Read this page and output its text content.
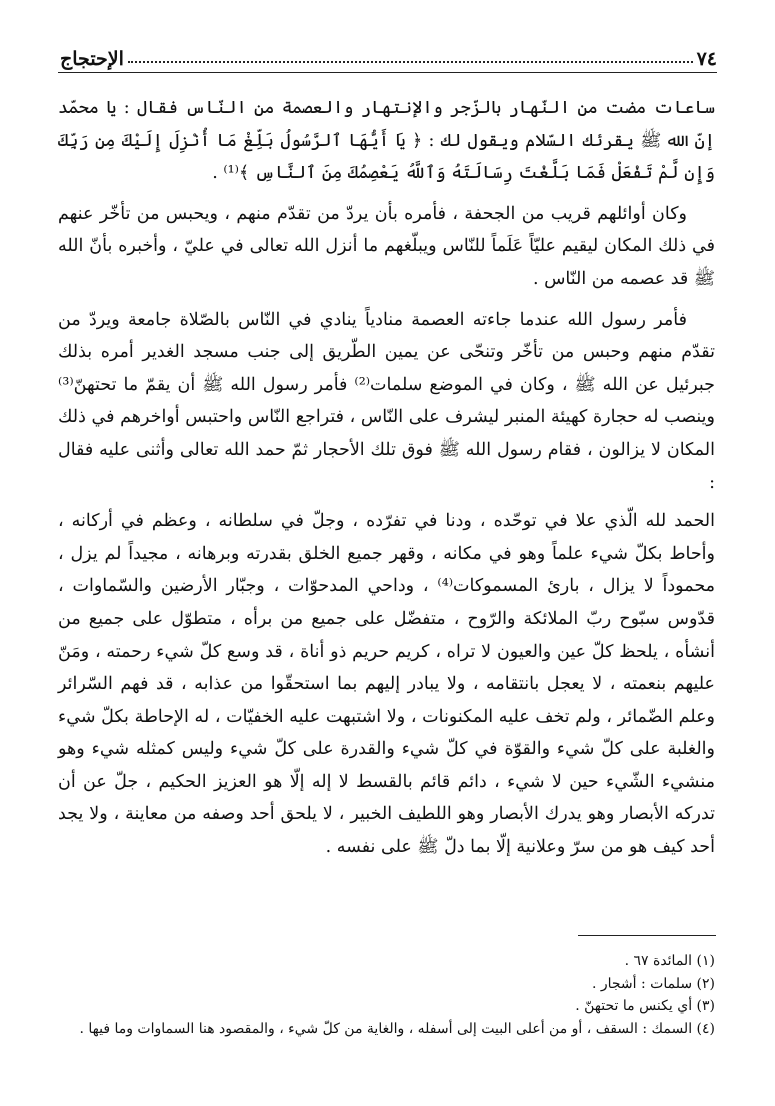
٧٤
الإحتجاج

ساعات مضت من النّهار بالزّجر والإنتهار والعصمة من النّاس فقال : يا محمّد إنّ الله ﷺ يقرئك السّلام ويقول لك : ﴿ يَا أَيُّهَا ٱلرَّسُولُ بَلِّغْ مَا أُنْزِلَ إِلَيْكَ مِن رَبِّكَ وَإِن لَّمْ تَفْعَلْ فَمَا بَلَّغْتَ رِسَالَتَهُ وَٱللَّهُ يَعْصِمُكَ مِنَ ٱلنَّاسِ ﴾⁽¹⁾ .

وكان أوائلهم قريب من الجحفة ، فأمره بأن يردّ من تقدّم منهم ، ويحبس من تأخّر عنهم في ذلك المكان ليقيم عليّاً عَلَماً للنّاس ويبلّغهم ما أنزل الله تعالى في عليّ ، وأخبره بأنّ الله ﷺ قد عصمه من النّاس .

فأمر رسول الله عندما جاءته العصمة منادياً ينادي في النّاس بالصّلاة جامعة ويردّ من تقدّم منهم وحبس من تأخّر وتنحّى عن يمين الطّريق إلى جنب مسجد الغدير أمره بذلك جبرئيل عن الله ﷺ ، وكان في الموضع سلمات⁽²⁾ فأمر رسول الله ﷺ أن يقمّ ما تحتهنّ⁽³⁾ وينصب له حجارة كهيئة المنبر ليشرف على النّاس ، فتراجع النّاس واحتبس أواخرهم في ذلك المكان لا يزالون ، فقام رسول الله ﷺ فوق تلك الأحجار ثمّ حمد الله تعالى وأثنى عليه فقال :

الحمد لله الّذي علا في توحّده ، ودنا في تفرّده ، وجلّ في سلطانه ، وعظم في أركانه ، وأحاط بكلّ شيء علماً وهو في مكانه ، وقهر جميع الخلق بقدرته وبرهانه ، مجيداً لم يزل ، محموداً لا يزال ، بارئ المسموكات⁽⁴⁾ ، وداحي المدحوّات ، وجبّار الأرضين والسّماوات ، قدّوس سبّوح ربّ الملائكة والرّوح ، متفضّل على جميع من برأه ، متطوّل على جميع من أنشأه ، يلحظ كلّ عين والعيون لا تراه ، كريم حريم ذو أناة ، قد وسع كلّ شيء رحمته ، ومَنّ عليهم بنعمته ، لا يعجل بانتقامه ، ولا يبادر إليهم بما استحقّوا من عذابه ، قد فهم السّرائر وعلم الضّمائر ، ولم تخف عليه المكنونات ، ولا اشتبهت عليه الخفيّات ، له الإحاطة بكلّ شيء والغلبة على كلّ شيء والقوّة في كلّ شيء والقدرة على كلّ شيء وليس كمثله شيء وهو منشيء الشّيء حين لا شيء ، دائم قائم بالقسط لا إله إلّا هو العزيز الحكيم ، جلّ عن أن تدركه الأبصار وهو يدرك الأبصار وهو اللطيف الخبير ، لا يلحق أحد وصفه من معاينة ، ولا يجد أحد كيف هو من سرّ وعلانية إلّا بما دلّ ﷺ على نفسه .

(١) المائدة ٦٧ .
(٢) سلمات : أشجار .
(٣) أي يكنس ما تحتهنّ .
(٤) السمك : السقف ، أو من أعلى البيت إلى أسفله ، والغاية من كلّ شيء ، والمقصود هنا السماوات وما فيها .
